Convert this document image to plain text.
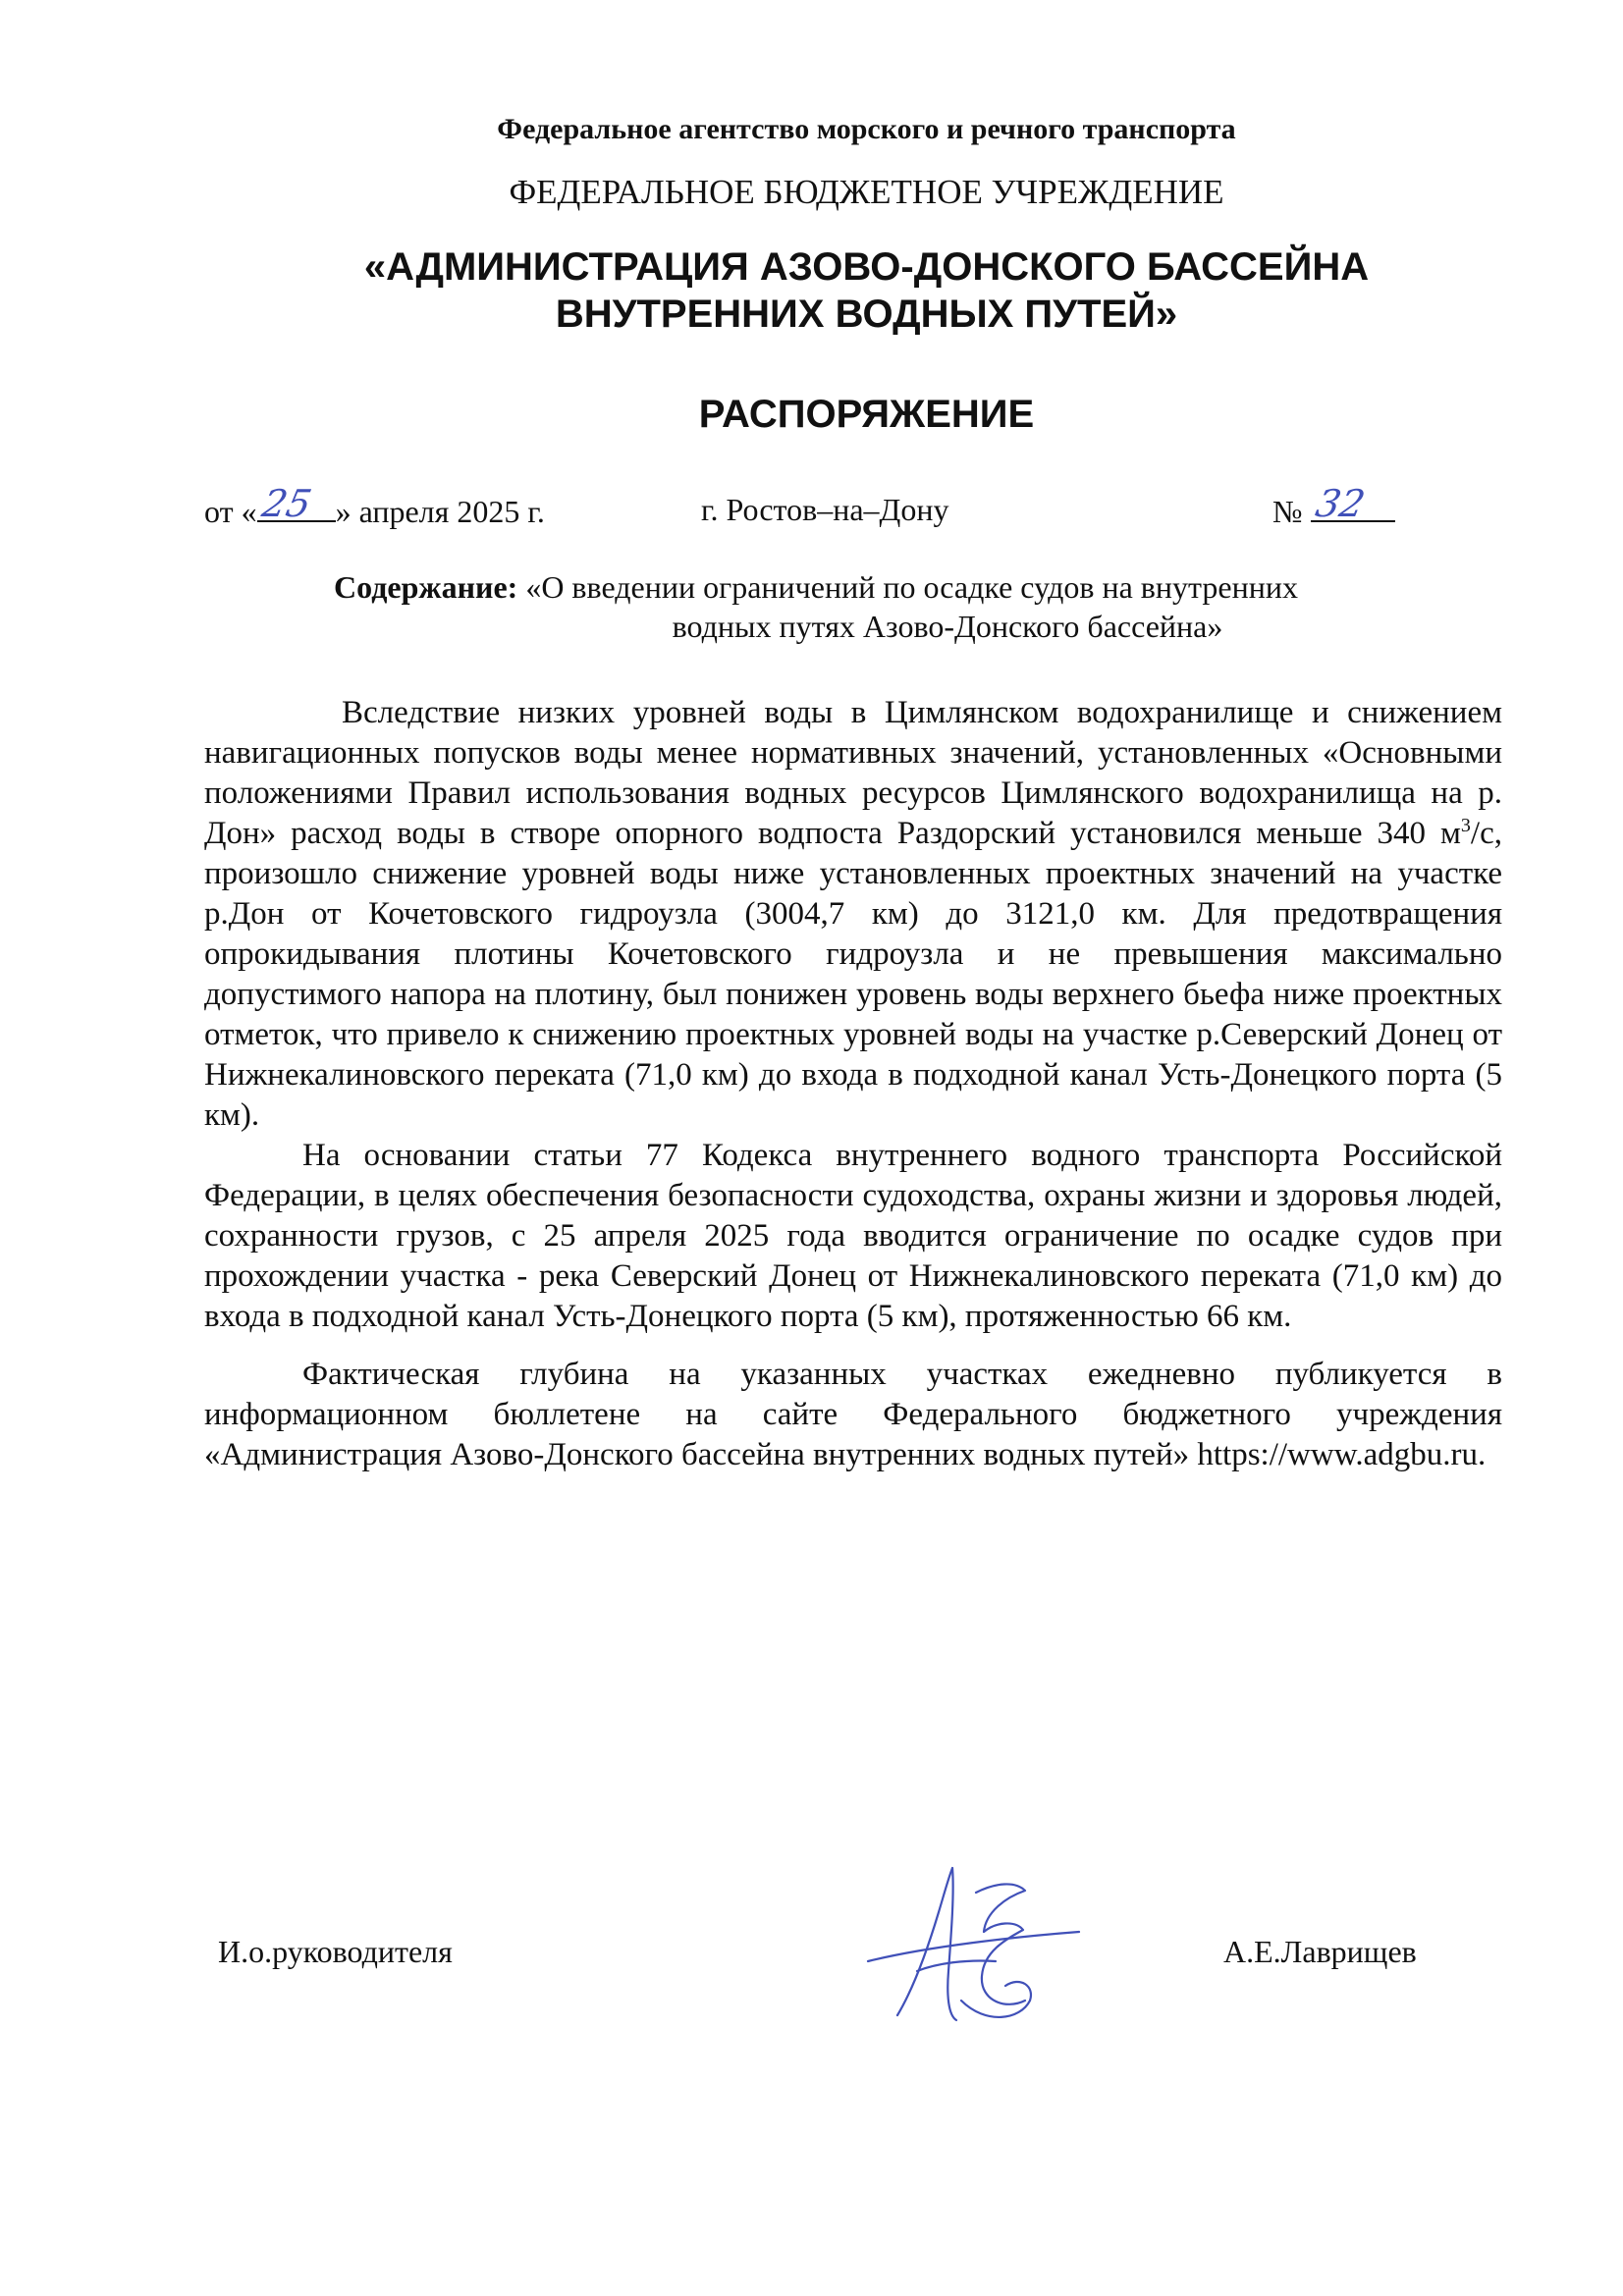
Федеральное агентство морского и речного транспорта
ФЕДЕРАЛЬНОЕ БЮДЖЕТНОЕ УЧРЕЖДЕНИЕ
«АДМИНИСТРАЦИЯ АЗОВО-ДОНСКОГО БАССЕЙНА
ВНУТРЕННИХ ВОДНЫХ ПУТЕЙ»
РАСПОРЯЖЕНИЕ
от « 25 » апреля 2025 г.	г. Ростов–на–Дону	№ 32
Содержание: «О введении ограничений по осадке судов на внутренних
водных путях Азово-Донского бассейна»

Вследствие низких уровней воды в Цимлянском водохранилище и снижением навигационных попусков воды менее нормативных значений, установленных «Основными положениями Правил использования водных ресурсов Цимлянского водохранилища на р. Дон» расход воды в створе опорного водпоста Раздорский установился меньше 340 $м^3/с$, произошло снижение уровней воды ниже установленных проектных значений на участке р.Дон от Кочетовского гидроузла (3004,7 км) до 3121,0 км. Для предотвращения опрокидывания плотины Кочетовского гидроузла и не превышения максимально допустимого напора на плотину, был понижен уровень воды верхнего бьефа ниже проектных отметок, что привело к снижению проектных уровней воды на участке р.Северский Донец от Нижнекалиновского переката (71,0 км) до входа в подходной канал Усть-Донецкого порта (5 км).

На основании статьи 77 Кодекса внутреннего водного транспорта Российской Федерации, в целях обеспечения безопасности судоходства, охраны жизни и здоровья людей, сохранности грузов, с 25 апреля 2025 года вводится ограничение по осадке судов при прохождении участка - река Северский Донец от Нижнекалиновского переката (71,0 км) до входа в подходной канал Усть-Донецкого порта (5 км), протяженностью 66 км.

Фактическая глубина на указанных участках ежедневно публикуется в информационном бюллетене на сайте Федерального бюджетного учреждения «Администрация Азово-Донского бассейна внутренних водных путей» https://www.adgbu.ru.

И.о.руководителя	А.Е.Лаврищев
